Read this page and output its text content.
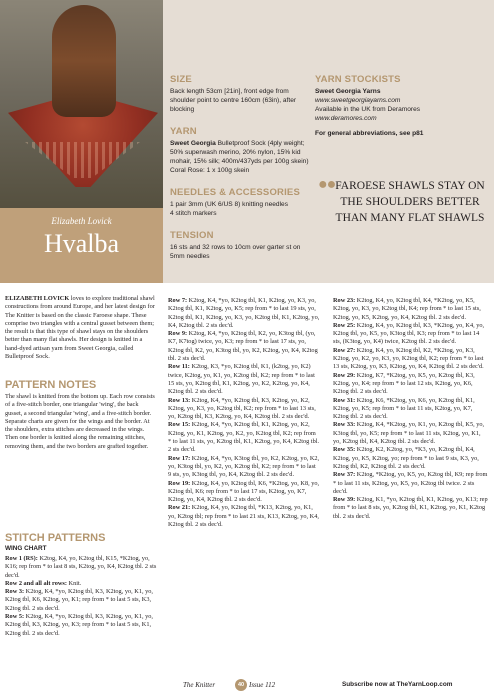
Elizabeth Lovick
Hvalba
SIZE
Back length 53cm [21in], front edge from shoulder point to centre 160cm (63in), after blocking
YARN
Sweet Georgia Bulletproof Sock (4ply weight; 50% superwash merino, 20% nylon, 15% kid mohair, 15% silk; 400m/437yds per 100g skein)
Coral Rose: 1 x 100g skein
NEEDLES & ACCESSORIES
1 pair 3mm (UK 6/US 8) knitting needles
4 stitch markers
TENSION
16 sts and 32 rows to 10cm over garter st on 5mm needles
YARN STOCKISTS
Sweet Georgia Yarns
www.sweetgeorgiayarns.com
Available in the UK from Deramores
www.deramores.com
For general abbreviations, see p81
●● FAROESE SHAWLS STAY ON THE SHOULDERS BETTER THAN MANY FLAT SHAWLS

ELIZABETH LOVICK loves to explore traditional shawl constructions from around Europe, and her latest design for The Knitter is based on the classic Faroese shape. These comprise two triangles with a central gusset between them; the result is that this type of shawl stays on the shoulders better than many flat shawls. Her design is knitted in a hand-dyed artisan yarn from Sweet Georgia, called Bulletproof Sock.

PATTERN NOTES

The shawl is knitted from the bottom up. Each row consists of a five-stitch border, one triangular 'wing', the back gusset, a second triangular 'wing', and a five-stitch border. Separate charts are given for the wings and the border. At the shoulders, extra stitches are decreased in the wings. Then one border is knitted along the remaining stitches, removing them, and the two borders are grafted together.

STITCH PATTERNS
WING CHART

Row 1 (RS): K2tog, K4, yo, K2tog tbl, K15, *K2tog, yo, K16; rep from * to last 8 sts, K2tog, yo, K4, K2tog tbl. 2 sts dec'd.

Row 2 and all alt rows: Knit.

Row 3: K2tog, K4, *yo, K2tog tbl, K3, K2tog, yo, K1, yo, K2tog tbl, K6, K2tog, yo, K1; rep from * to last 5 sts, K3, K2tog tbl. 2 sts dec'd.

Row 5: K2tog, K4, *yo, K2tog tbl, K3, K2tog, yo, K1, yo, K2tog tbl, K3, K2tog, yo, K3; rep from * to last 5 sts, K1, K2tog tbl. 2 sts dec'd.

Row 7: K2tog, K4, *yo, K2tog tbl, K1, K2tog, yo, K3, yo, K2tog tbl, K1, K2tog, yo, K5; rep from * to last 19 sts, yo, K2tog tbl, K1, K2tog, yo, K3, yo, K2tog tbl, K1, K2tog, yo, K4, K2tog tbl. 2 sts dec'd.

Row 9: K2tog, K4, *yo, K2tog tbl, K2, yo, K3tog tbl, (yo, K7, K7tog) twice, yo, K3; rep from * to last 17 sts, yo, K2tog tbl, K2, yo, K3tog tbl, yo, K2, K2tog, yo, K4, K2tog tbl. 2 sts dec'd.

Row 11: K2tog, K3, *yo, K2tog tbl, K1, (k2tog, yo, K2) twice, K2tog, yo, K1, yo, K2tog tbl, K2; rep from * to last 15 sts, yo, K2tog tbl, K1, K2tog, yo, K2, K2tog, yo, K4, K2tog tbl. 2 sts dec'd.

Row 13: K2tog, K4, *yo, K2tog tbl, K3, K2tog, yo, K2, K2tog, yo, K3, yo, K2tog tbl, K2; rep from * to last 13 sts, yo, K2tog tbl, K3, K2tog, yo, K4, K2tog tbl. 2 sts dec'd.

Row 15: K2tog, K4, *yo, K2tog tbl, K1, K2tog, yo, K2, K2tog, yo, K1, K2tog, yo, K2, yo, K2tog tbl, K2; rep from * to last 11 sts, yo, K2tog tbl, K1, K2tog, yo, K4, K2tog tbl. 2 sts dec'd.

Row 17: K2tog, K4, *yo, K3tog tbl, yo, K2, K2tog, yo, K2, yo, K3tog tbl, yo, K2, yo, K2tog tbl, K2; rep from * to last 9 sts, yo, K3tog tbl, yo, K4, K2tog tbl. 2 sts dec'd.

Row 19: K2tog, K4, yo, K2tog tbl, K6, *K2tog, yo, K8, yo, K2tog tbl, K6; rep from * to last 17 sts, K2tog, yo, K7, K2tog, yo, K4, K2tog tbl. 2 sts dec'd.

Row 21: K2tog, K4, yo, K2tog tbl, *K13, K2tog, yo, K1, yo, K2tog tbl; rep from * to last 21 sts, K13, K2tog, yo, K4, K2tog tbl. 2 sts dec'd.

Row 23: K2tog, K4, yo, K2tog tbl, K4, *K2tog, yo, K5, K2tog, yo, K3, yo, K2tog tbl, K4; rep from * to last 15 sts, K2tog, yo, K5, K2tog, yo, K4, K2tog tbl. 2 sts dec'd.

Row 25: K2tog, K4, yo, K2tog tbl, K3, *K2tog, yo, K4, yo, K2tog tbl, yo, K5, yo, K3tog tbl, K3; rep from * to last 14 sts, (K3tog, yo, K4) twice, K2tog tbl. 2 sts dec'd.

Row 27: K2tog, K4, yo, K2tog tbl, K2, *K2tog, yo, K3, K2tog, yo, K2, yo, K3, yo, K2tog tbl, K2; rep from * to last 13 sts, K2tog, yo, K3, K2tog, yo, K4, K2tog tbl. 2 sts dec'd.

Row 29: K2tog, K7, *K2tog, yo, K5, yo, K2tog tbl, K3, K2tog, yo, K4; rep from * to last 12 sts, K2tog, yo, K6, K2tog tbl. 2 sts dec'd.

Row 31: K2tog, K6, *K2tog, yo, K6, yo, K2tog tbl, K1, K2tog, yo, K5; rep from * to last 11 sts, K2tog, yo, K7, K2tog tbl. 2 sts dec'd.

Row 33: K2tog, K4, *K2tog, yo, K1, yo, K2tog tbl, K5, yo, K3tog tbl, yo, K5; rep from * to last 11 sts, K2tog, yo, K1, yo, K2tog tbl, K4, K2tog tbl. 2 sts dec'd.

Row 35: K2tog, K2, K2tog, yo, *K3, yo, K2tog tbl, K4, K2tog, yo, K5, K2tog, yo; rep from * to last 9 sts, K3, yo, K2tog tbl, K2, K2tog tbl. 2 sts dec'd.

Row 37: K2tog, *K2tog, yo, K5, yo, K2tog tbl, K9; rep from * to last 11 sts, K2tog, yo, K5, yo, K2tog tbl twice. 2 sts dec'd.

Row 39: K2tog, K1, *yo, K2tog tbl, K1, K2tog, yo, K13; rep from * to last 8 sts, yo, K2tog tbl, K1, K2tog, yo, K1, K2tog tbl. 2 sts dec'd.

The Knitter	40 Issue 112	Subscribe now at TheYarnLoop.com
